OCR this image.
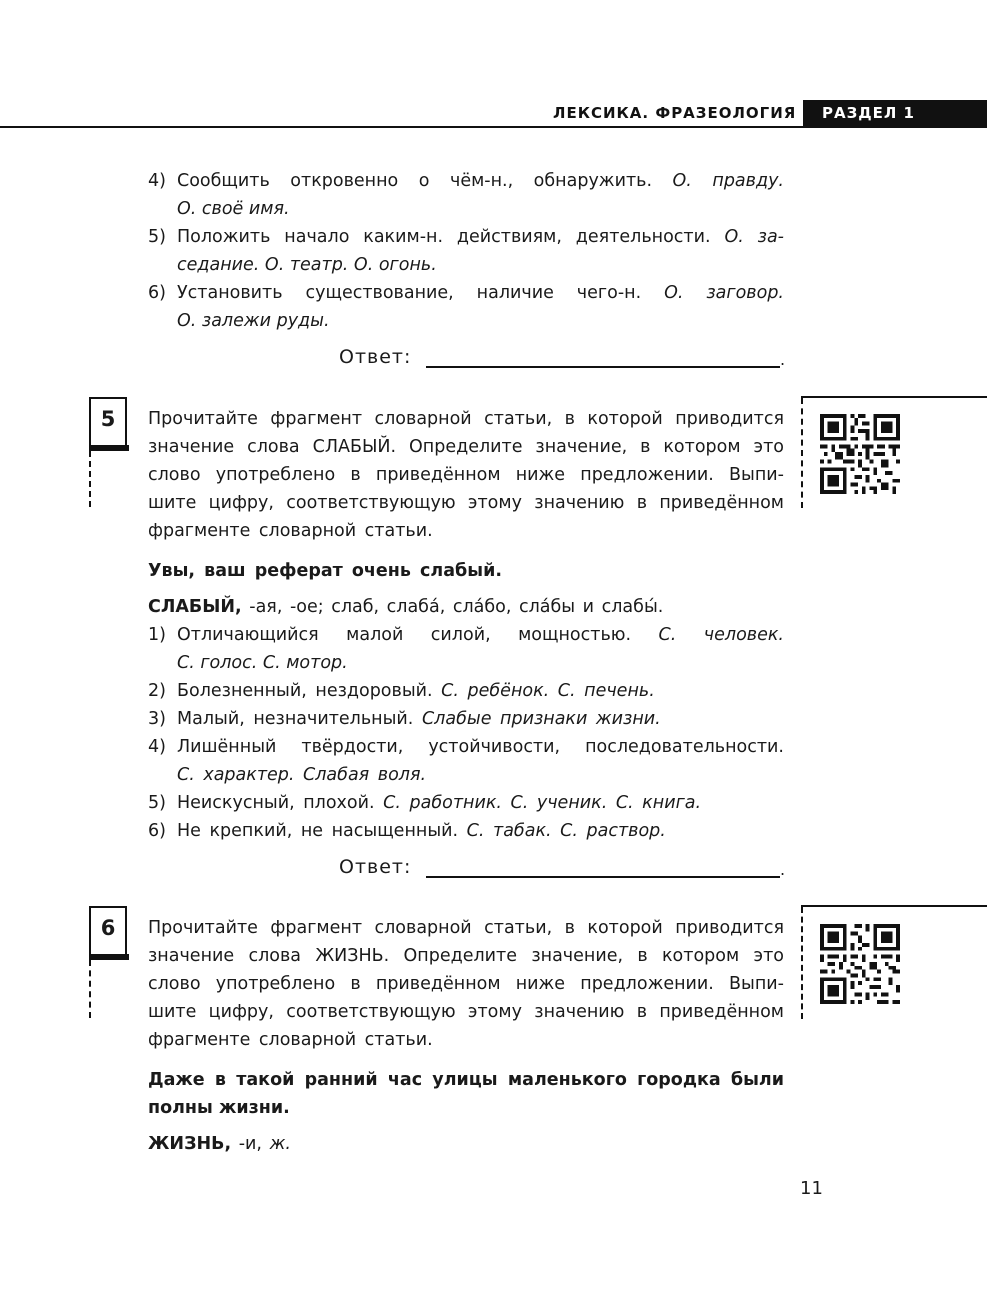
ЛЕКСИКА. ФРАЗЕОЛОГИЯ РАЗДЕЛ 1
4) Сообщить откровенно о чём-н., обнаружить. О. правду.
О. своё имя.
5) Положить начало каким-н. действиям, деятельности. О. за-
седание. О. театр. О. огонь.
6) Установить существование, наличие чего-н. О. заговор.
О. залежи руды.
Ответ:	.
5	Прочитайте фрагмент словарной статьи, в которой приводится
значение слова СЛАБЫЙ. Определите значение, в котором это
слово употреблено в приведённом ниже предложении. Выпи-
шите цифру, соответствующую этому значению в приведённом
фрагменте словарной статьи.
Увы, ваш реферат очень слабый.
СЛАБЫЙ, -ая, -ое; слаб, слабá, слáбо, слáбы и слабы́.
1) Отличающийся малой силой, мощностью. С. человек.
С. голос. С. мотор.
2) Болезненный, нездоровый. С. ребёнок. С. печень.
3) Малый, незначительный. Слабые признаки жизни.
4) Лишённый твёрдости, устойчивости, последовательности.
С. характер. Слабая воля.
5) Неискусный, плохой. С. работник. С. ученик. С. книга.
6) Не крепкий, не насыщенный. С. табак. С. раствор.
Ответ:	.
6	Прочитайте фрагмент словарной статьи, в которой приводится
значение слова ЖИЗНЬ. Определите значение, в котором это
слово употреблено в приведённом ниже предложении. Выпи-
шите цифру, соответствующую этому значению в приведённом
фрагменте словарной статьи.
Даже в такой ранний час улицы маленького городка были
полны жизни.
ЖИЗНЬ, -и, ж.
11
